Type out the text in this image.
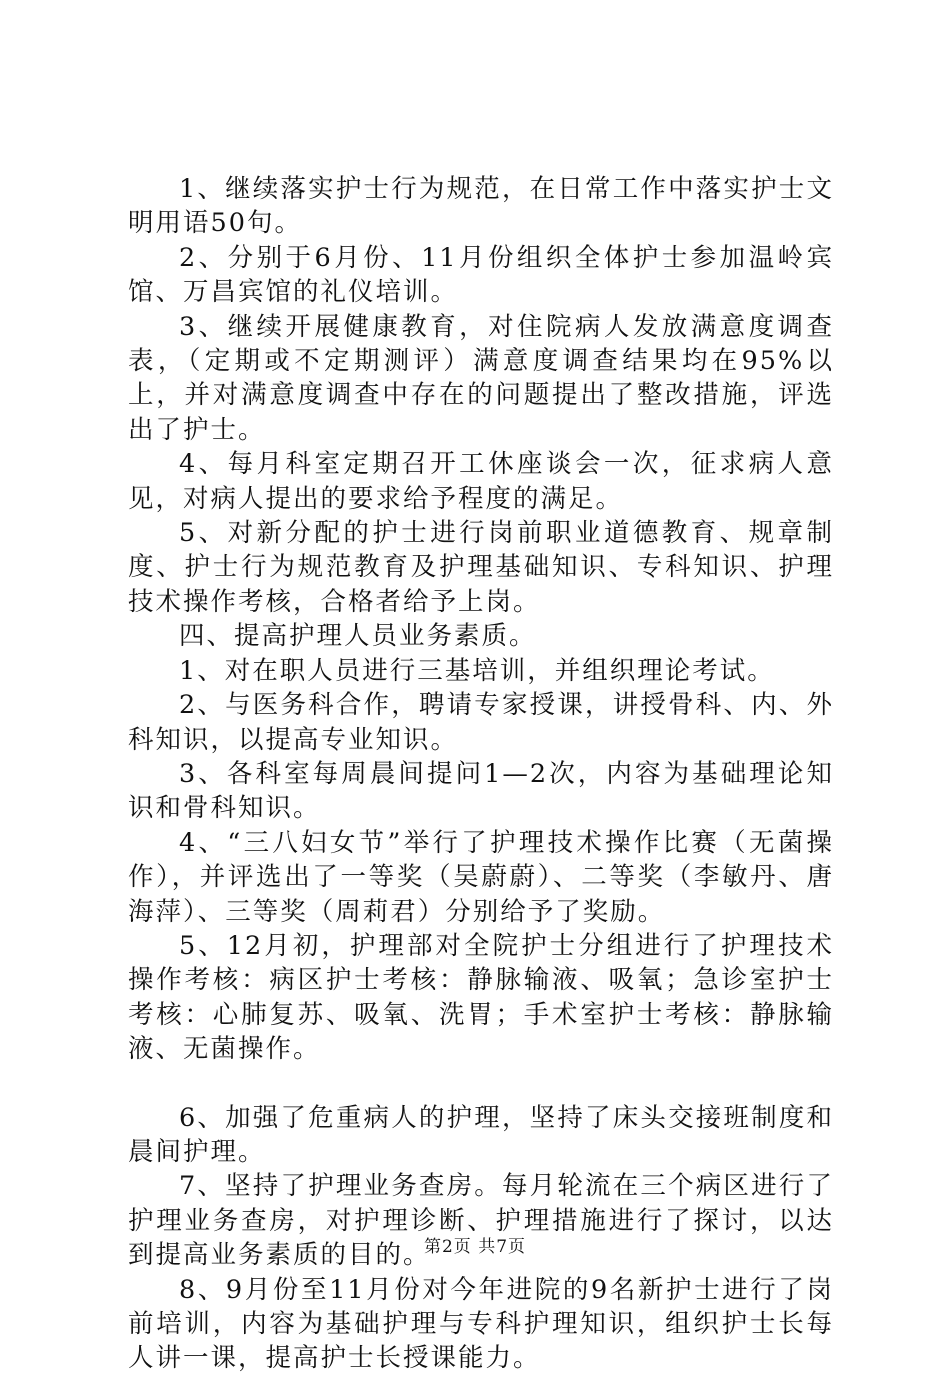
1、继续落实护士行为规范，在日常工作中落实护士文明用语50句。

2、分别于6月份、11月份组织全体护士参加温岭宾馆、万昌宾馆的礼仪培训。

3、继续开展健康教育，对住院病人发放满意度调查表，（定期或不定期测评）满意度调查结果均在95%以上，并对满意度调查中存在的问题提出了整改措施，评选出了护士。

4、每月科室定期召开工休座谈会一次，征求病人意见，对病人提出的要求给予程度的满足。

5、对新分配的护士进行岗前职业道德教育、规章制度、护士行为规范教育及护理基础知识、专科知识、护理技术操作考核，合格者给予上岗。

四、提高护理人员业务素质。

1、对在职人员进行三基培训，并组织理论考试。

2、与医务科合作，聘请专家授课，讲授骨科、内、外科知识，以提高专业知识。

3、各科室每周晨间提问1—2次，内容为基础理论知识和骨科知识。

4、“三八妇女节”举行了护理技术操作比赛（无菌操作），并评选出了一等奖（吴蔚蔚）、二等奖（李敏丹、唐海萍）、三等奖（周莉君）分别给予了奖励。

5、12月初，护理部对全院护士分组进行了护理技术操作考核：病区护士考核：静脉输液、吸氧；急诊室护士考核：心肺复苏、吸氧、洗胃；手术室护士考核：静脉输液、无菌操作。

6、加强了危重病人的护理，坚持了床头交接班制度和晨间护理。

7、坚持了护理业务查房。每月轮流在三个病区进行了护理业务查房，对护理诊断、护理措施进行了探讨，以达到提高业务素质的目的。

8、9月份至11月份对今年进院的9名新护士进行了岗前培训，内容为基础护理与专科护理知识，组织护士长每人讲一课，提高护士长授课能力。

第2页 共7页
